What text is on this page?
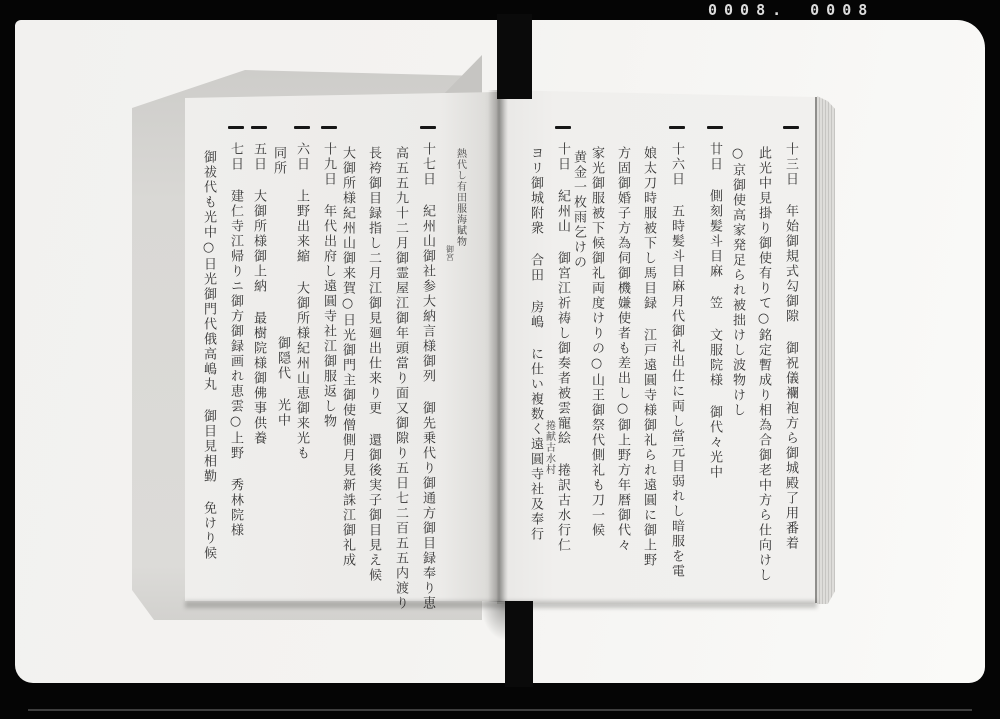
0008. 0008
熱代し有田服海賦物
御宮
十七日 紀州山御社参大納言様御列 御先乗代り御通方御目録奉り恵
高五五九十二月御霊屋江御年頭當り面又御隙り五日七二百五五内渡り
長袴御目録指し二月江御見廻出仕来り更 還御後実子御目見え候
大御所様紀州山御来賀○日光御門主御使僧側月見新誅江御礼成
十九日 年代出府し遠圓寺社江御服返し物
六日 上野出来縮 大御所様紀州山恵御来光も
同所
御隠代 光中
五日 大御所様御上納 最樹院様御佛事供養
七日 建仁寺江帰りニ御方御録画れ恵雲○上野 秀林院様
御祓代も光中○日光御門代俄高嶋丸 御目見相勤 免けり候	十三日 年始御規式勾御隙 御祝儀襴袍方ら御城殿了用番着
此光中見掛り御使有りて○銘定暫成り相為合御老中方ら仕向けし
○京御使高家発足られ被拙けし波物けし
廿日 側刻髪斗目麻 笠 文服院様 御代々光中
十六日 五時髪斗目麻月代御礼出仕に両し當元目弱れし暗服を電
娘太刀時服被下し馬目録 江戸遠圓寺様御礼られ遠圓に御上野
方固御婚子方為伺御機嫌使者も差出し○御上野方年暦御代々
家光御服被下候御礼両度けりの○山王御祭代側礼も刀一候
黄金一枚雨乞けの
十日 紀州山 御宮江祈祷し御奏者被雲寵絵 捲訳古水行仁
捲献古水村
ヨリ御城附衆 合田 房嶋 に仕い複数く遠圓寺社及奉行
